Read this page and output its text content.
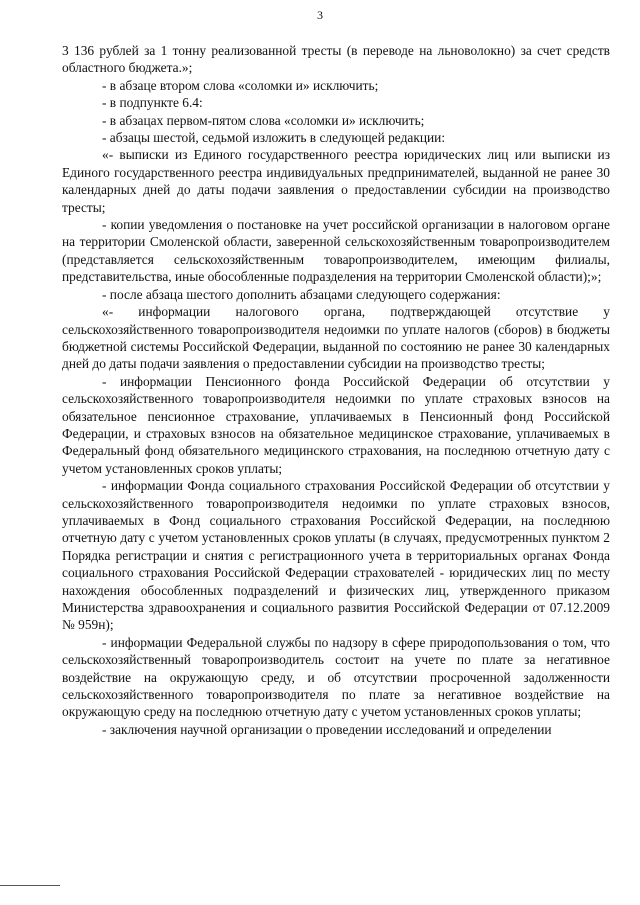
3

3 136 рублей за 1 тонну реализованной тресты (в переводе на льноволокно) за счет средств областного бюджета.»;

- в абзаце втором слова «соломки и» исключить;

- в подпункте 6.4:

- в абзацах первом-пятом слова «соломки и» исключить;

- абзацы шестой, седьмой изложить в следующей редакции:

«- выписки из Единого государственного реестра юридических лиц или выписки из Единого государственного реестра индивидуальных предпринимателей, выданной не ранее 30 календарных дней до даты подачи заявления о предоставлении субсидии на производство тресты;

- копии уведомления о постановке на учет российской организации в налоговом органе на территории Смоленской области, заверенной сельскохозяйственным товаропроизводителем (представляется сельскохозяйственным товаропроизводителем, имеющим филиалы, представительства, иные обособленные подразделения на территории Смоленской области);»;

- после абзаца шестого дополнить абзацами следующего содержания:

«- информации налогового органа, подтверждающей отсутствие у сельскохозяйственного товаропроизводителя недоимки по уплате налогов (сборов) в бюджеты бюджетной системы Российской Федерации, выданной по состоянию не ранее 30 календарных дней до даты подачи заявления о предоставлении субсидии на производство тресты;

- информации Пенсионного фонда Российской Федерации об отсутствии у сельскохозяйственного товаропроизводителя недоимки по уплате страховых взносов на обязательное пенсионное страхование, уплачиваемых в Пенсионный фонд Российской Федерации, и страховых взносов на обязательное медицинское страхование, уплачиваемых в Федеральный фонд обязательного медицинского страхования, на последнюю отчетную дату с учетом установленных сроков уплаты;

- информации Фонда социального страхования Российской Федерации об отсутствии у сельскохозяйственного товаропроизводителя недоимки по уплате страховых взносов, уплачиваемых в Фонд социального страхования Российской Федерации, на последнюю отчетную дату с учетом установленных сроков уплаты (в случаях, предусмотренных пунктом 2 Порядка регистрации и снятия с регистрационного учета в территориальных органах Фонда социального страхования Российской Федерации страхователей - юридических лиц по месту нахождения обособленных подразделений и физических лиц, утвержденного приказом Министерства здравоохранения и социального развития Российской Федерации от 07.12.2009 № 959н);

- информации Федеральной службы по надзору в сфере природопользования о том, что сельскохозяйственный товаропроизводитель состоит на учете по плате за негативное воздействие на окружающую среду, и об отсутствии просроченной задолженности сельскохозяйственного товаропроизводителя по плате за негативное воздействие на окружающую среду на последнюю отчетную дату с учетом установленных сроков уплаты;

- заключения научной организации о проведении исследований и определении
